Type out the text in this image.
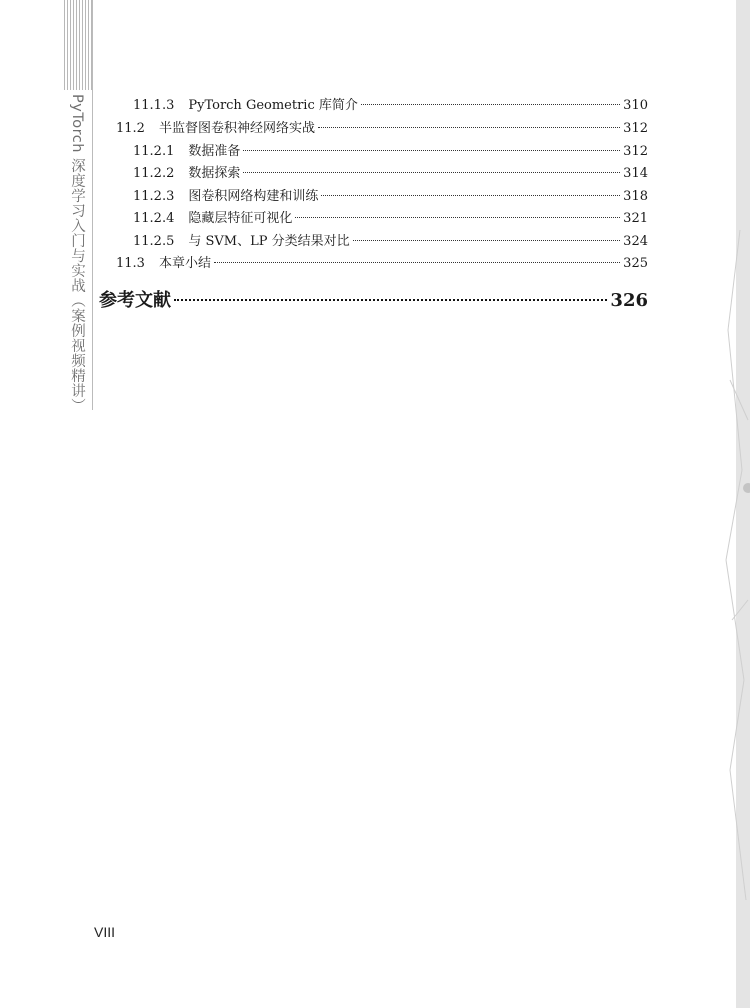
PyTorch 深度学习入门与实战（案例视频精讲）	11.1.3 PyTorch Geometric 库简介	310
11.2 半监督图卷积神经网络实战	312
11.2.1 数据准备	312
11.2.2 数据探索	314
11.2.3 图卷积网络构建和训练	318
11.2.4 隐藏层特征可视化	321
11.2.5 与 SVM、LP 分类结果对比	324
11.3 本章小结	325
参考文献	326
VIII
